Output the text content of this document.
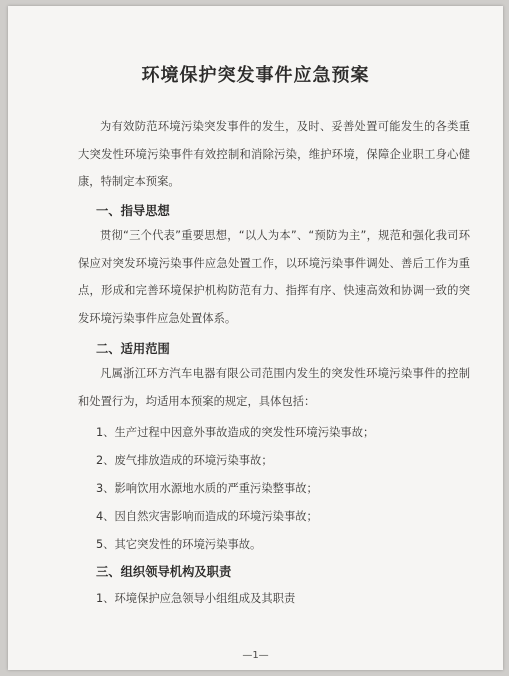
环境保护突发事件应急预案

为有效防范环境污染突发事件的发生，及时、妥善处置可能发生的各类重大突发性环境污染事件有效控制和消除污染，维护环境，保障企业职工身心健康，特制定本预案。

一、指导思想

贯彻“三个代表”重要思想，“以人为本”、“预防为主”，规范和强化我司环保应对突发环境污染事件应急处置工作，以环境污染事件调处、善后工作为重点，形成和完善环境保护机构防范有力、指挥有序、快速高效和协调一致的突发环境污染事件应急处置体系。

二、适用范围

凡属浙江环方汽车电器有限公司范围内发生的突发性环境污染事件的控制和处置行为，均适用本预案的规定，具体包括：

1、生产过程中因意外事故造成的突发性环境污染事故；

2、废气排放造成的环境污染事故；

3、影响饮用水源地水质的严重污染整事故；

4、因自然灾害影响而造成的环境污染事故；

5、其它突发性的环境污染事故。

三、组织领导机构及职责

1、环境保护应急领导小组组成及其职责

—1—
